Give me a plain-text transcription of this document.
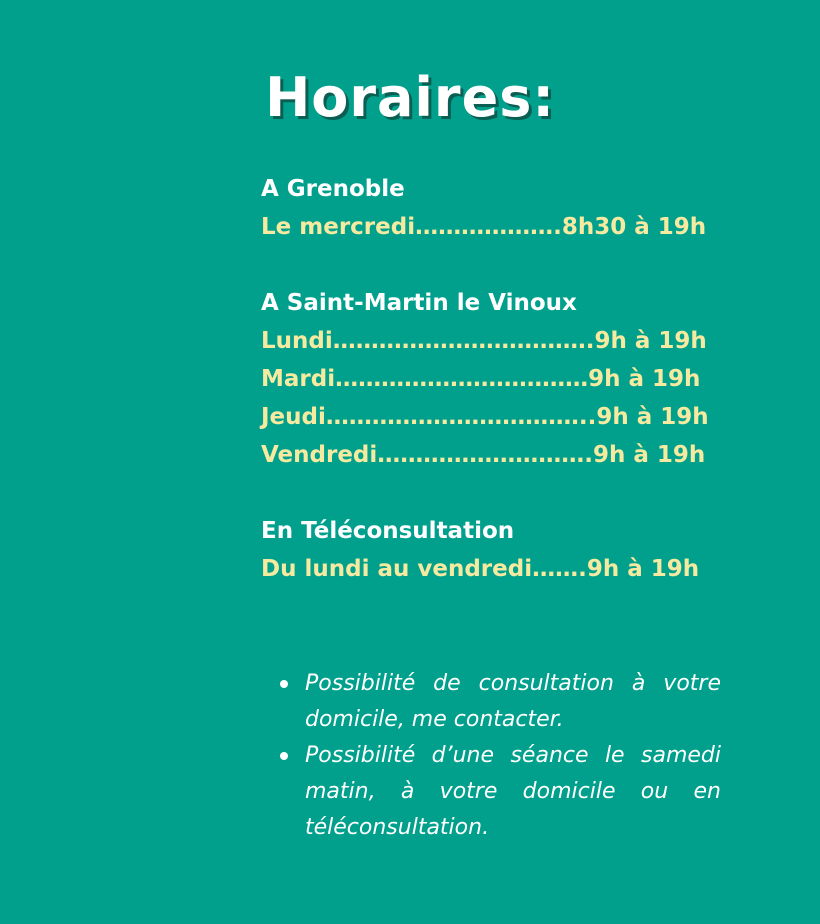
Horaires:
A Grenoble
Le mercredi……………….8h30 à 19h
A Saint-Martin le Vinoux
Lundi…………………………….9h à 19h
Mardi……………………………9h à 19h
Jeudi……………………………..9h à 19h
Vendredi……………………….9h à 19h
En Téléconsultation
Du lundi au vendredi…….9h à 19h
Possibilité de consultation à votre domicile, me contacter.
Possibilité d’une séance le samedi matin, à votre domicile ou en téléconsultation.
